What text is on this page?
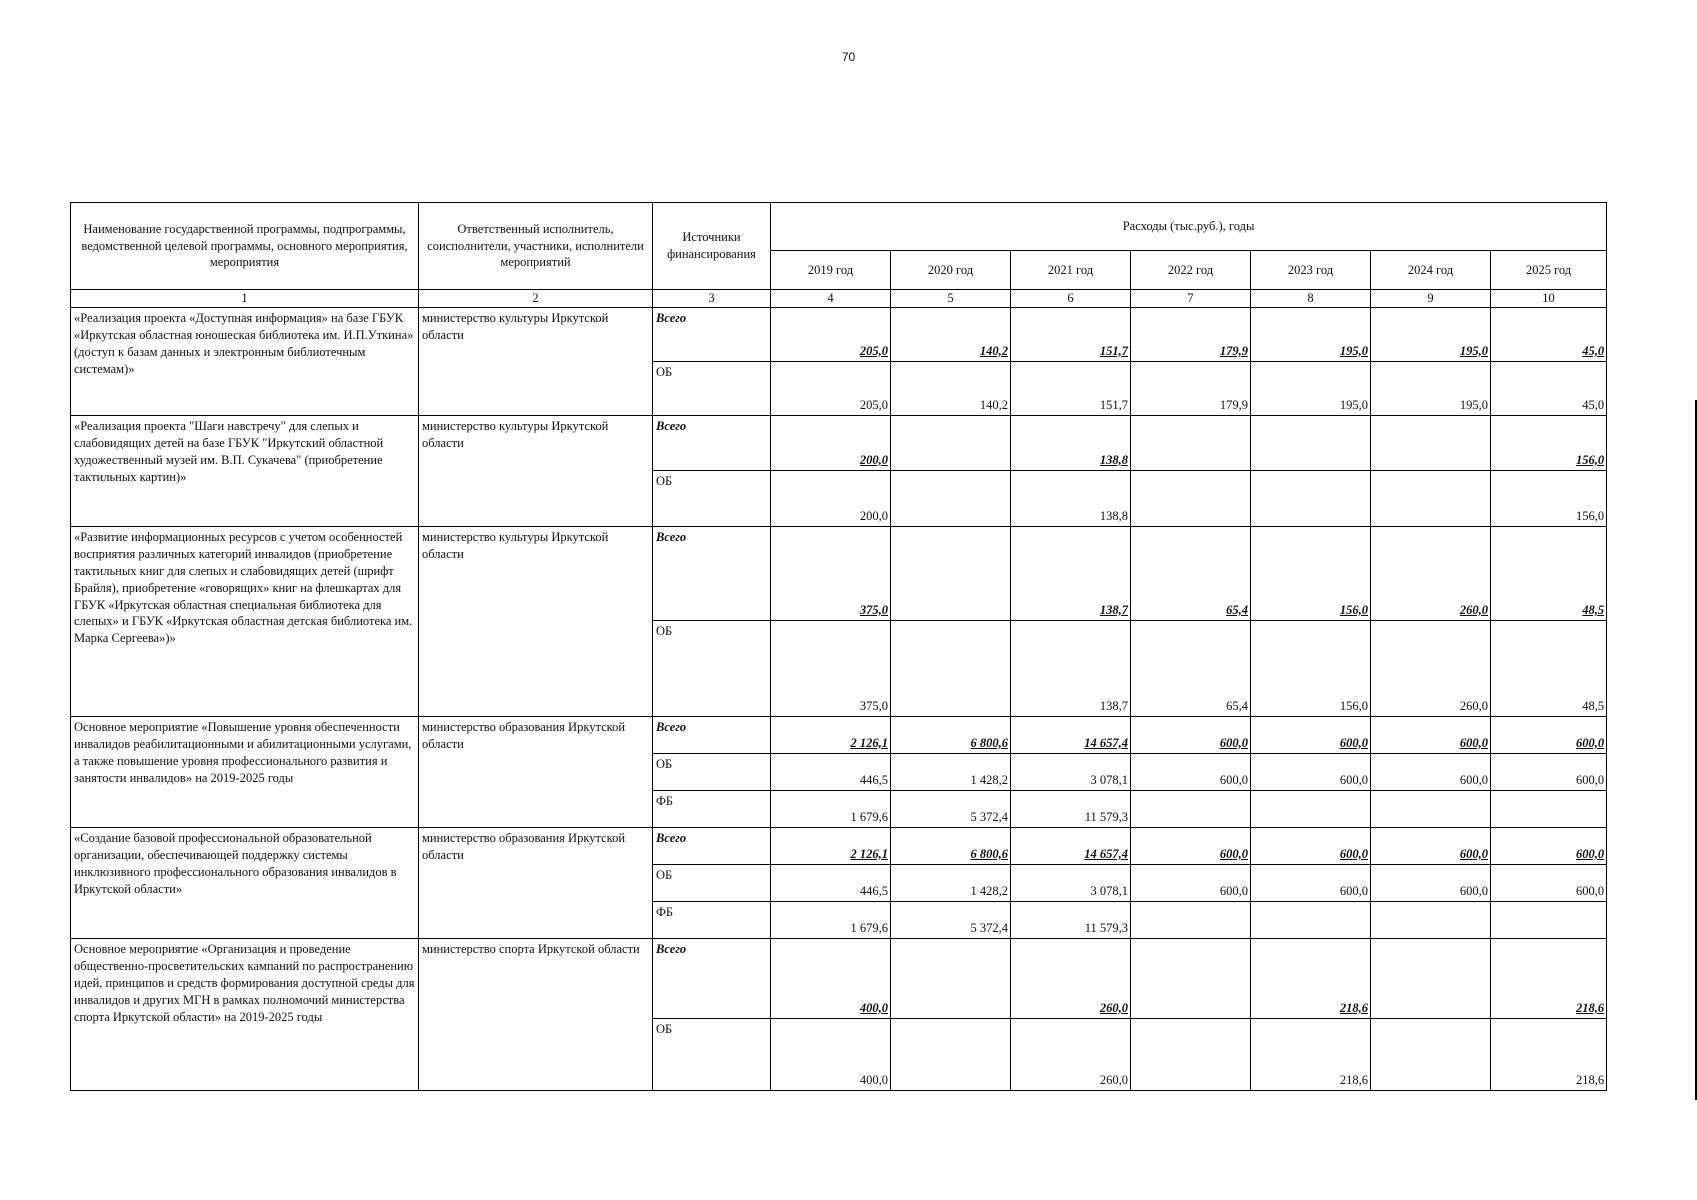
70
Наименование государственной программы, подпрограммы, ведомственной целевой программы, основного мероприятия, мероприятия	Ответственный исполнитель, соисполнители, участники, исполнители мероприятий	Источники финансирования	Расходы (тыс.руб.), годы						
			2019 год	2020 год	2021 год	2022 год	2023 год	2024 год	2025 год
1	2	3	4	5	6	7	8	9	10
«Реализация проекта «Доступная информация» на базе ГБУК «Иркутская областная юношеская библиотека им. И.П.Уткина» (доступ к базам данных и электронным библиотечным системам)»	министерство культуры Иркутской области	Всего	205,0	140,2	151,7	179,9	195,0	195,0	45,0
		ОБ	205,0	140,2	151,7	179,9	195,0	195,0	45,0
«Реализация проекта "Шаги навстречу" для слепых и слабовидящих детей на базе ГБУК "Иркутский областной художественный музей им. В.П. Сукачева" (приобретение тактильных картин)»	министерство культуры Иркутской области	Всего	200,0		138,8				156,0
		ОБ	200,0		138,8				156,0
«Развитие информационных ресурсов с учетом особенностей восприятия различных категорий инвалидов (приобретение тактильных книг для слепых и слабовидящих детей (шрифт Брайля), приобретение «говорящих» книг на флешкартах для ГБУК «Иркутская областная специальная библиотека для слепых» и ГБУК «Иркутская областная детская библиотека им. Марка Сергеева»)»	министерство культуры Иркутской области	Всего	375,0		138,7	65,4	156,0	260,0	48,5
		ОБ	375,0		138,7	65,4	156,0	260,0	48,5
Основное мероприятие «Повышение уровня обеспеченности инвалидов реабилитационными и абилитационными услугами, а также повышение уровня профессионального развития и занятости инвалидов» на 2019-2025 годы	министерство образования Иркутской области	Всего	2 126,1	6 800,6	14 657,4	600,0	600,0	600,0	600,0
		ОБ	446,5	1 428,2	3 078,1	600,0	600,0	600,0	600,0
		ФБ	1 679,6	5 372,4	11 579,3				
«Создание базовой профессиональной образовательной организации, обеспечивающей поддержку системы инклюзивного профессионального образования инвалидов в Иркутской области»	министерство образования Иркутской области	Всего	2 126,1	6 800,6	14 657,4	600,0	600,0	600,0	600,0
		ОБ	446,5	1 428,2	3 078,1	600,0	600,0	600,0	600,0
		ФБ	1 679,6	5 372,4	11 579,3				
Основное мероприятие «Организация и проведение общественно-просветительских кампаний по распространению идей, принципов и средств формирования доступной среды для инвалидов и других МГН в рамках полномочий министерства спорта Иркутской области» на 2019-2025 годы	министерство спорта Иркутской области	Всего	400,0		260,0		218,6		218,6
		ОБ	400,0		260,0		218,6		218,6
